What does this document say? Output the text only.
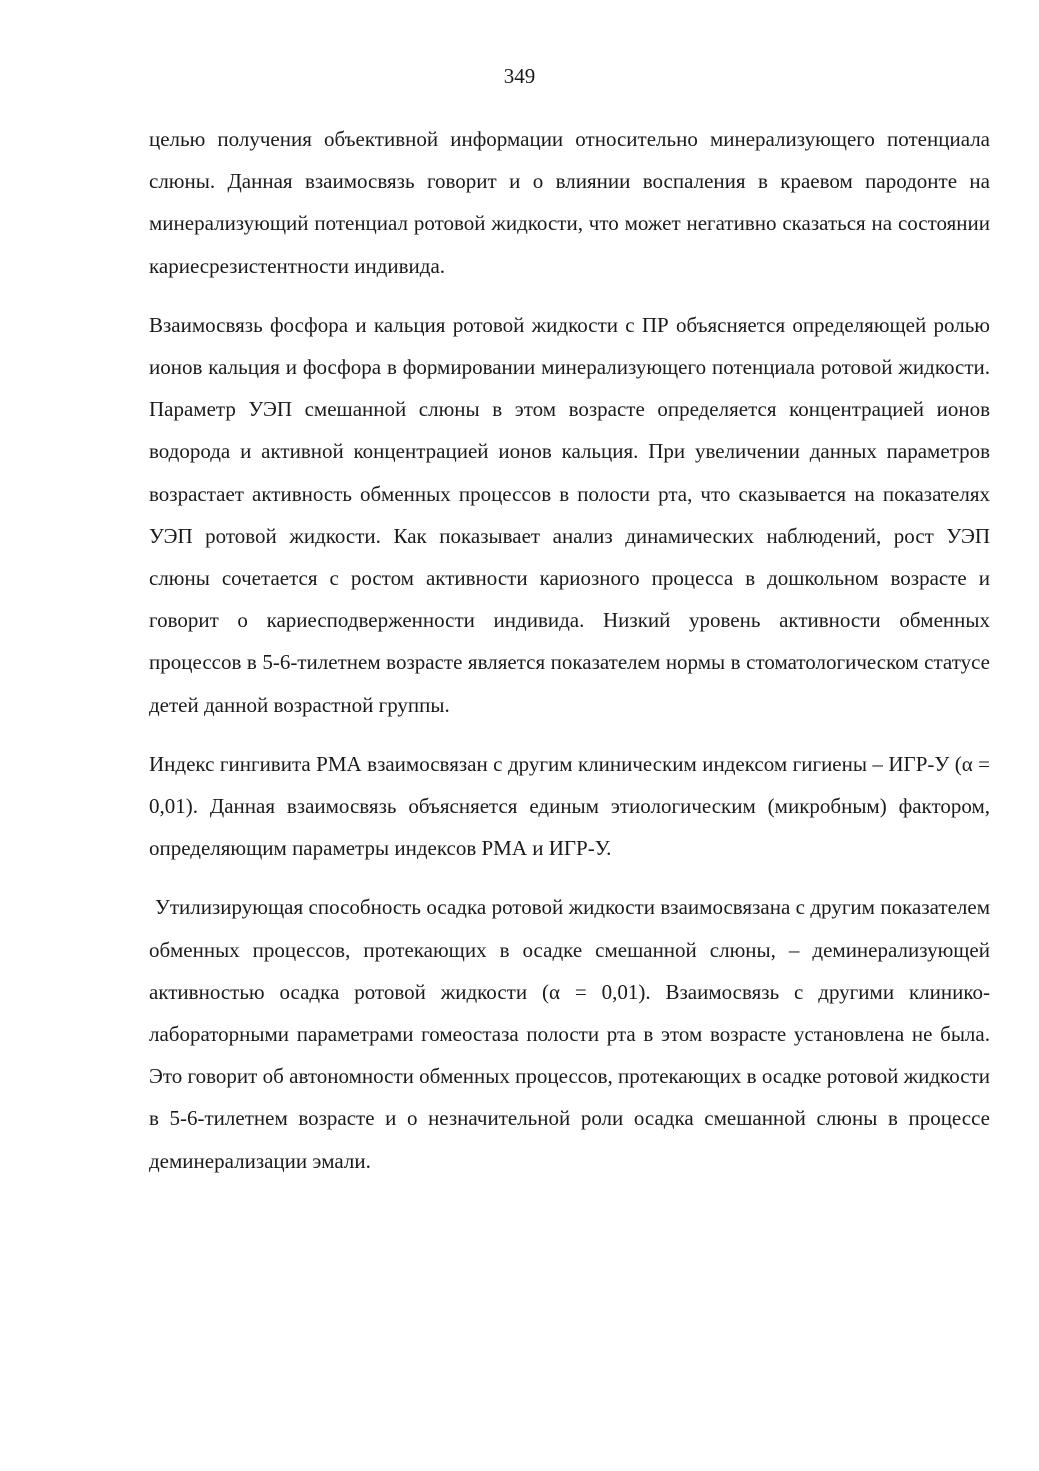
349

целью получения объективной информации относительно минерализующего потенциала слюны. Данная взаимосвязь говорит и о влиянии воспаления в краевом пародонте на минерализующий потенциал ротовой жидкости, что может негативно сказаться на состоянии кариесрезистентности индивида.

Взаимосвязь фосфора и кальция ротовой жидкости с ПР объясняется определяющей ролью ионов кальция и фосфора в формировании минерализующего потенциала ротовой жидкости. Параметр УЭП смешанной слюны в этом возрасте определяется концентрацией ионов водорода и активной концентрацией ионов кальция. При увеличении данных параметров возрастает активность обменных процессов в полости рта, что сказывается на показателях УЭП ротовой жидкости. Как показывает анализ динамических наблюдений, рост УЭП слюны сочетается с ростом активности кариозного процесса в дошкольном возрасте и говорит о кариесподверженности индивида. Низкий уровень активности обменных процессов в 5-6-тилетнем возрасте является показателем нормы в стоматологическом статусе детей данной возрастной группы.

Индекс гингивита РМА взаимосвязан с другим клиническим индексом гигиены – ИГР-У (α = 0,01). Данная взаимосвязь объясняется единым этиологическим (микробным) фактором, определяющим параметры индексов РМА и ИГР-У.

Утилизирующая способность осадка ротовой жидкости взаимосвязана с другим показателем обменных процессов, протекающих в осадке смешанной слюны, – деминерализующей активностью осадка ротовой жидкости (α = 0,01). Взаимосвязь с другими клинико-лабораторными параметрами гомеостаза полости рта в этом возрасте установлена не была. Это говорит об автономности обменных процессов, протекающих в осадке ротовой жидкости в 5-6-тилетнем возрасте и о незначительной роли осадка смешанной слюны в процессе деминерализации эмали.
